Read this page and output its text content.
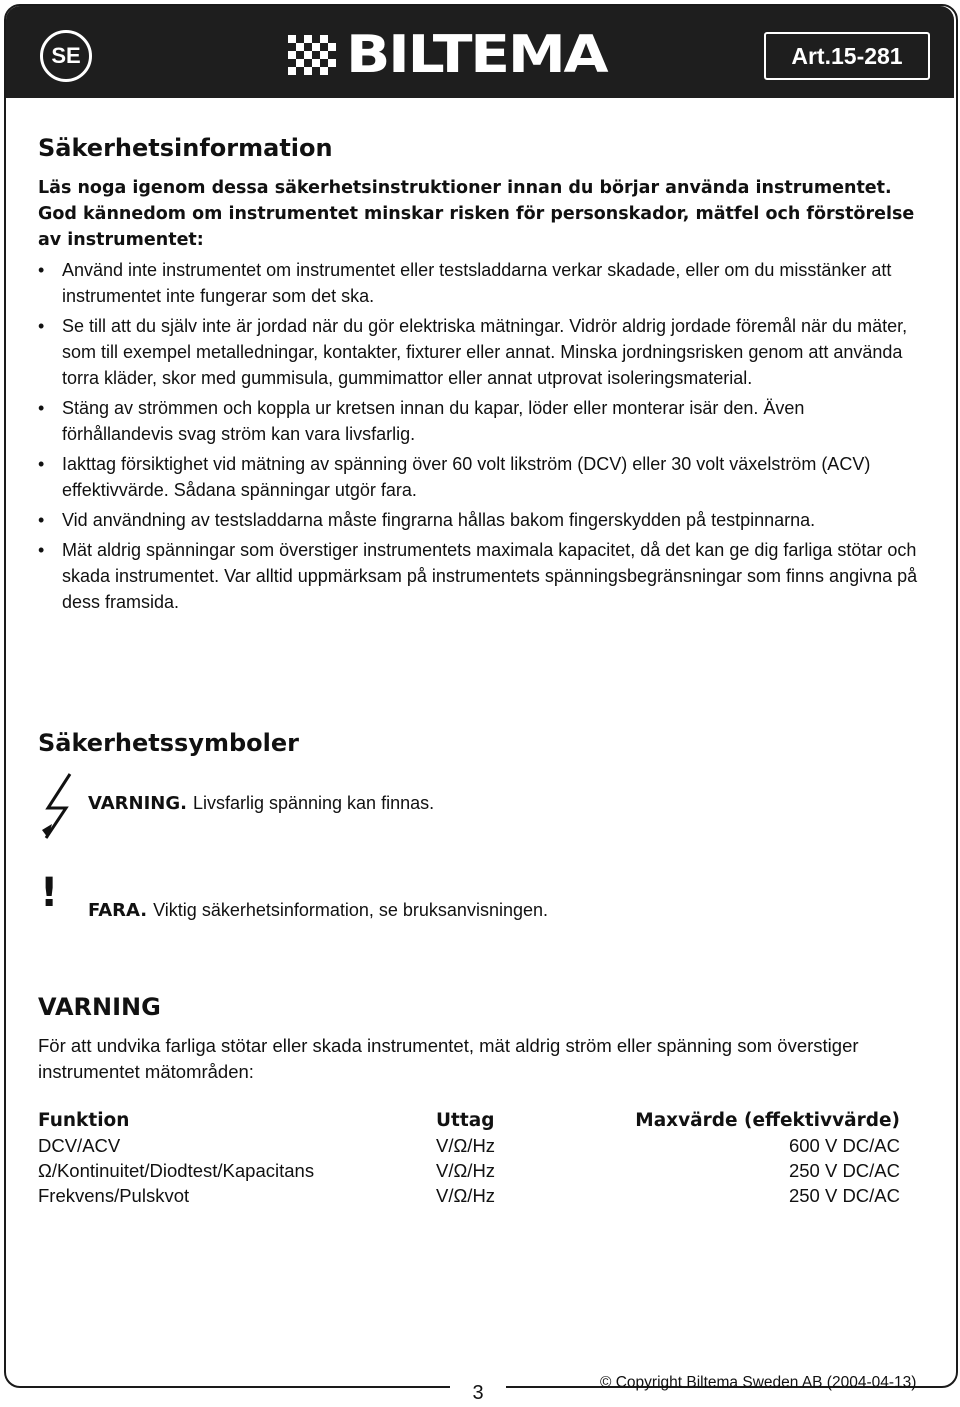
SE	BILTEMA	Art.15-281
Säkerhetsinformation
Läs noga igenom dessa säkerhetsinstruktioner innan du börjar använda instrumentet. God kännedom om instrumentet minskar risken för personskador, mätfel och förstörelse av instrumentet:
• Använd inte instrumentet om instrumentet eller testsladdarna verkar skadade, eller om du misstänker att instrumentet inte fungerar som det ska.
• Se till att du själv inte är jordad när du gör elektriska mätningar. Vidrör aldrig jordade föremål när du mäter, som till exempel metalledningar, kontakter, fixturer eller annat. Minska jordningsrisken genom att använda torra kläder, skor med gummisula, gummimattor eller annat utprovat isoleringsmaterial.
• Stäng av strömmen och koppla ur kretsen innan du kapar, löder eller monterar isär den. Även förhållandevis svag ström kan vara livsfarlig.
• Iakttag försiktighet vid mätning av spänning över 60 volt likström (DCV) eller 30 volt växelström (ACV) effektivvärde. Sådana spänningar utgör fara.
• Vid användning av testsladdarna måste fingrarna hållas bakom fingerskydden på testpinnarna.
• Mät aldrig spänningar som överstiger instrumentets maximala kapacitet, då det kan ge dig farliga stötar och skada instrumentet. Var alltid uppmärksam på instrumentets spänningsbegränsningar som finns angivna på dess framsida.
Säkerhetssymboler
VARNING. Livsfarlig spänning kan finnas.
! FARA. Viktig säkerhetsinformation, se bruksanvisningen.
VARNING
För att undvika farliga stötar eller skada instrumentet, mät aldrig ström eller spänning som överstiger instrumentet mätområden:
Funktion	Uttag	Maxvärde (effektivvärde)
DCV/ACV	V/Ω/Hz	600 V DC/AC
Ω/Kontinuitet/Diodtest/Kapacitans	V/Ω/Hz	250 V DC/AC
Frekvens/Pulskvot	V/Ω/Hz	250 V DC/AC
3	© Copyright Biltema Sweden AB (2004-04-13)
